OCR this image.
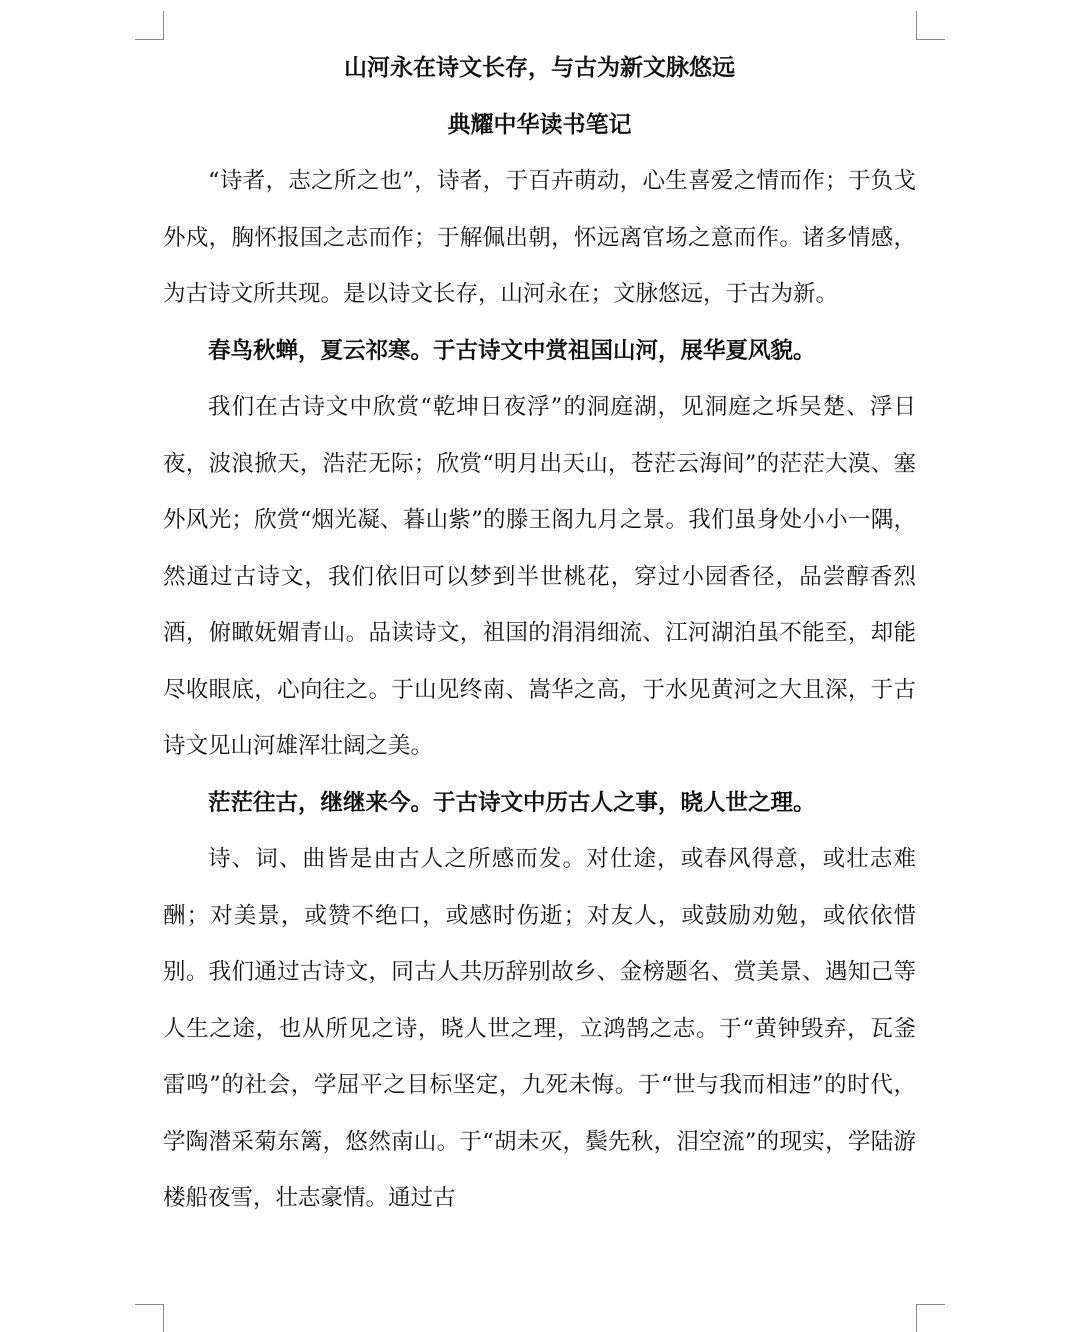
山河永在诗文长存，与古为新文脉悠远
典耀中华读书笔记

“诗者，志之所之也”，诗者，于百卉萌动，心生喜爱之情而作；于负戈外戍，胸怀报国之志而作；于解佩出朝，怀远离官场之意而作。诸多情感，为古诗文所共现。是以诗文长存，山河永在；文脉悠远，于古为新。

春鸟秋蝉，夏云祁寒。于古诗文中赏祖国山河，展华夏风貌。

我们在古诗文中欣赏“乾坤日夜浮”的洞庭湖，见洞庭之坼吴楚、浮日夜，波浪掀天，浩茫无际；欣赏“明月出天山，苍茫云海间”的茫茫大漠、塞外风光；欣赏“烟光凝、暮山紫”的滕王阁九月之景。我们虽身处小小一隅，然通过古诗文，我们依旧可以梦到半世桃花，穿过小园香径，品尝醇香烈酒，俯瞰妩媚青山。品读诗文，祖国的涓涓细流、江河湖泊虽不能至，却能尽收眼底，心向往之。于山见终南、嵩华之高，于水见黄河之大且深，于古诗文见山河雄浑壮阔之美。

茫茫往古，继继来今。于古诗文中历古人之事，晓人世之理。

诗、词、曲皆是由古人之所感而发。对仕途，或春风得意，或壮志难酬；对美景，或赞不绝口，或感时伤逝；对友人，或鼓励劝勉，或依依惜别。我们通过古诗文，同古人共历辞别故乡、金榜题名、赏美景、遇知己等人生之途，也从所见之诗，晓人世之理，立鸿鹄之志。于“黄钟毁弃，瓦釜雷鸣”的社会，学屈平之目标坚定，九死未悔。于“世与我而相违”的时代，学陶潜采菊东篱，悠然南山。于“胡未灭，鬓先秋，泪空流”的现实，学陆游楼船夜雪，壮志豪情。通过古
